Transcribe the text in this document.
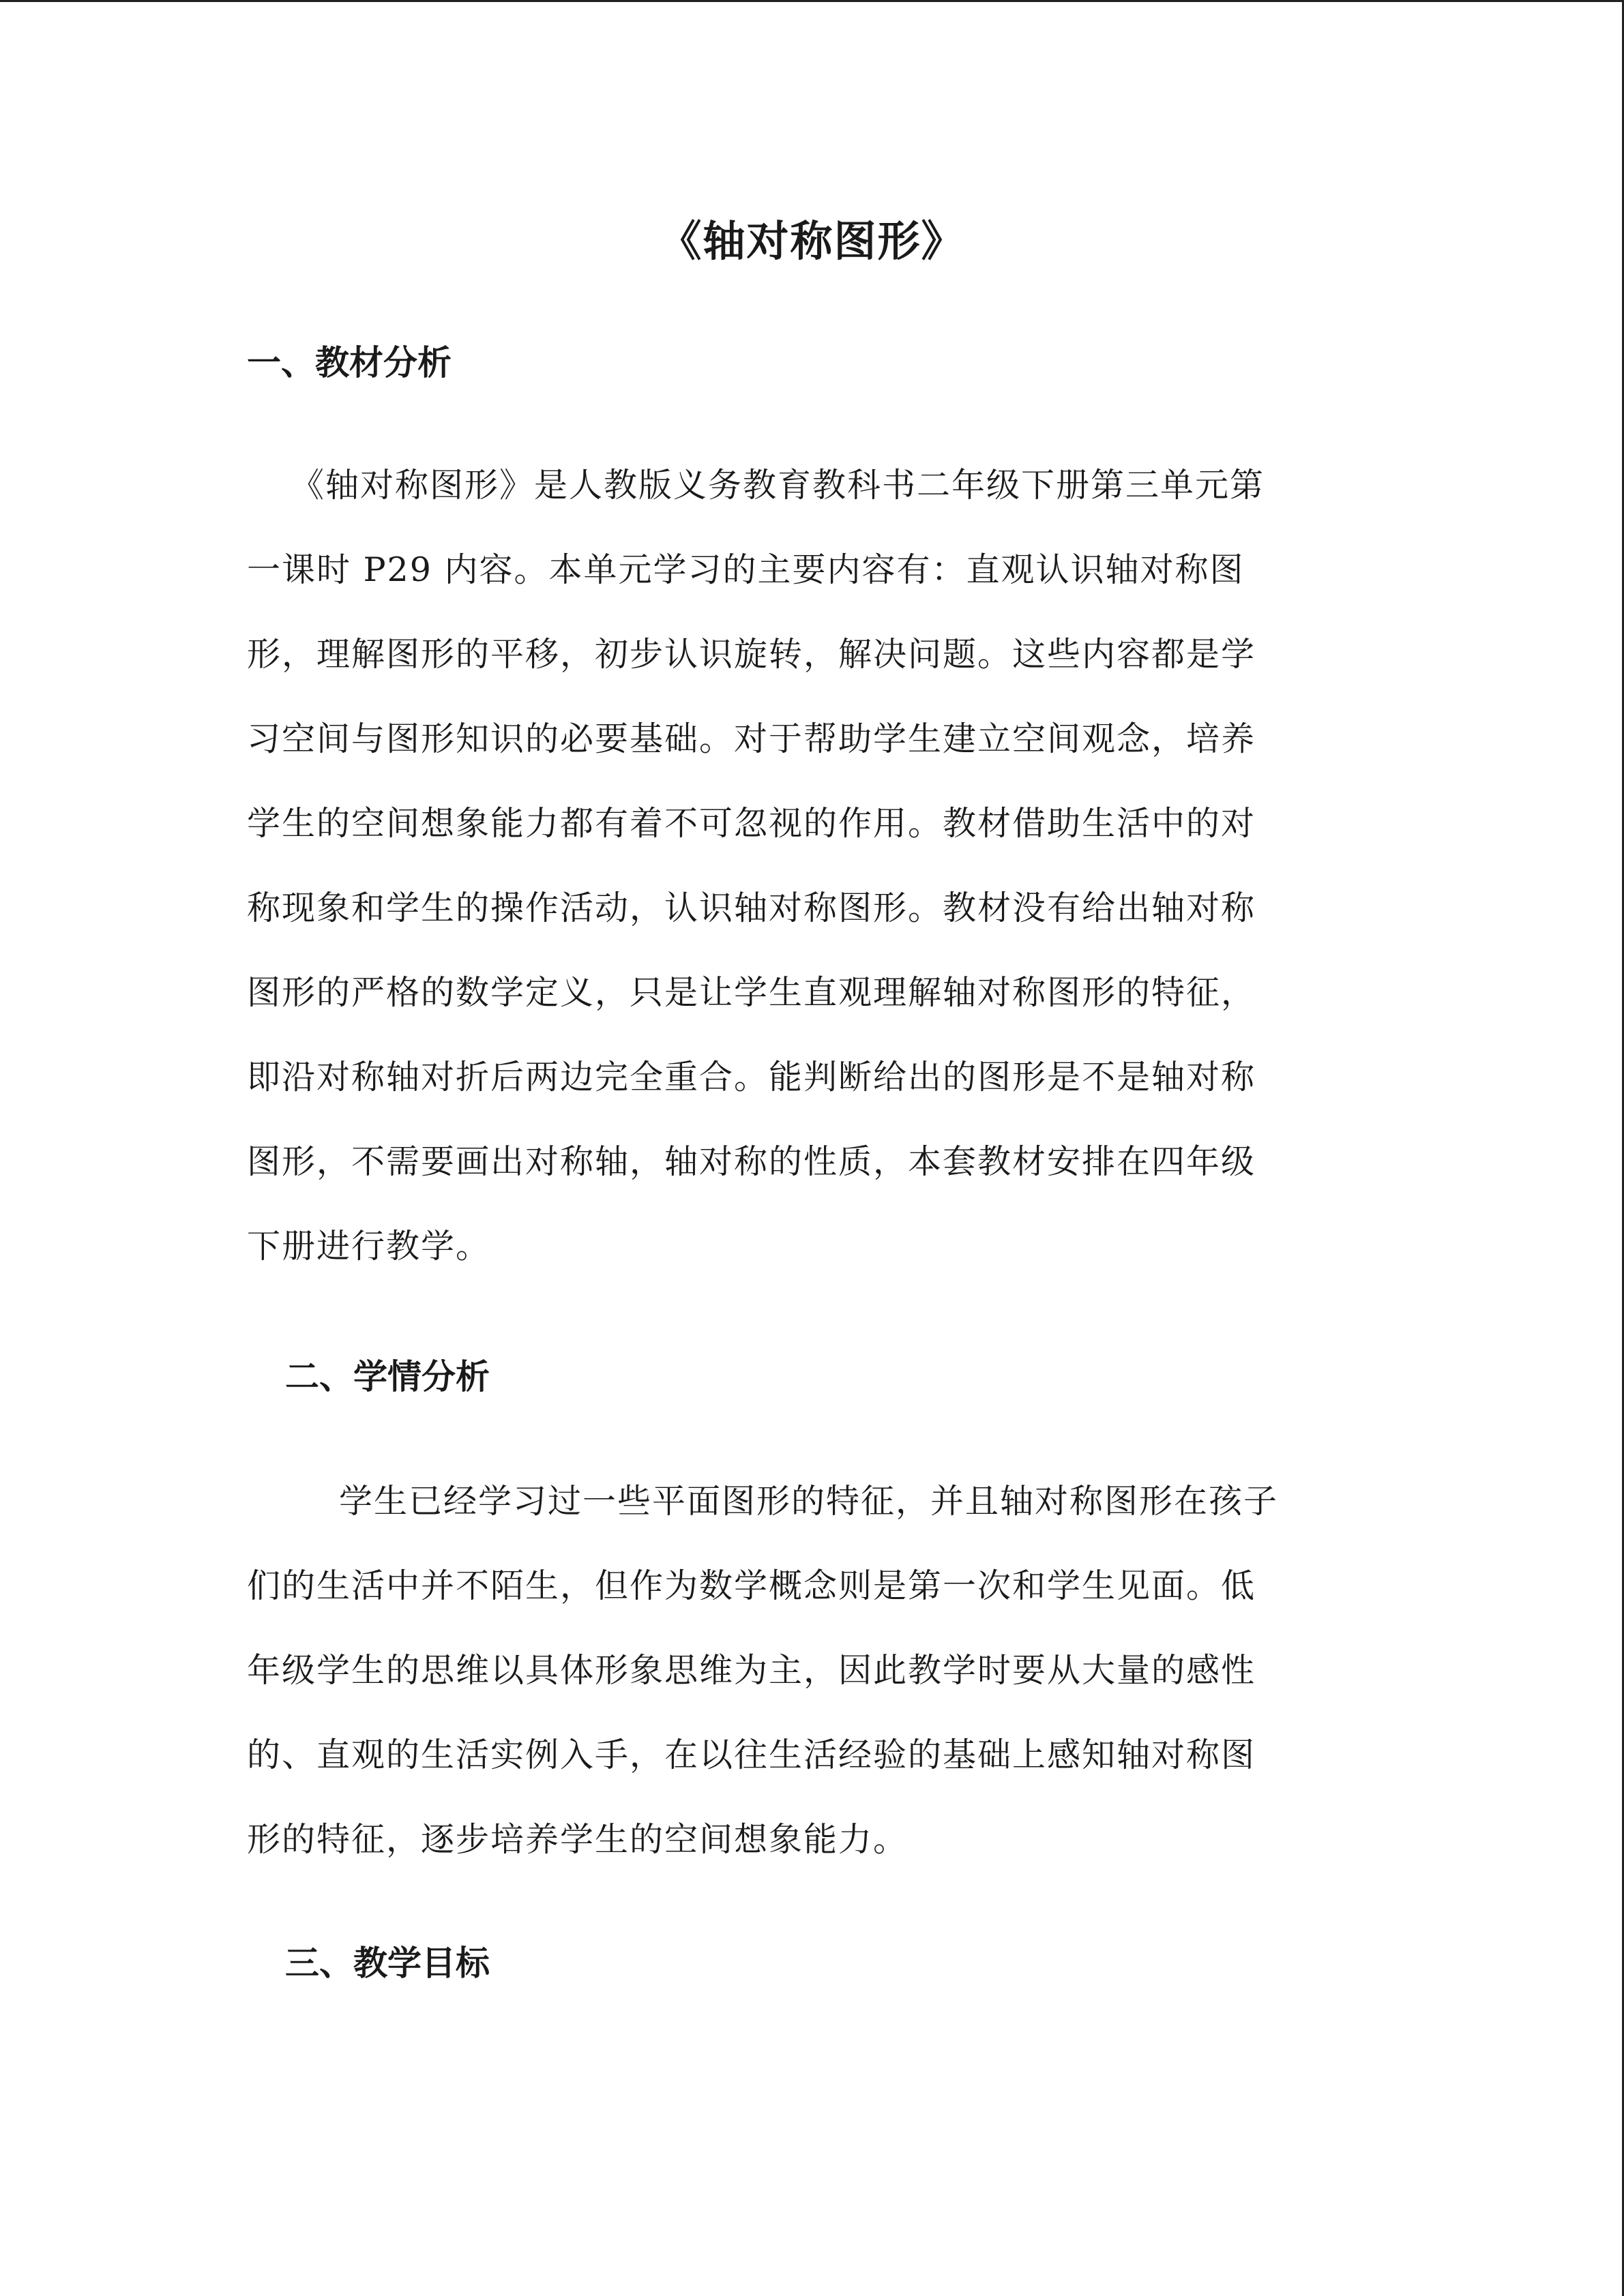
《轴对称图形》
一、教材分析
《轴对称图形》是人教版义务教育教科书二年级下册第三单元第
一课时 P29 内容。本单元学习的主要内容有：直观认识轴对称图
形，理解图形的平移，初步认识旋转，解决问题。这些内容都是学
习空间与图形知识的必要基础。对于帮助学生建立空间观念，培养
学生的空间想象能力都有着不可忽视的作用。教材借助生活中的对
称现象和学生的操作活动，认识轴对称图形。教材没有给出轴对称
图形的严格的数学定义，只是让学生直观理解轴对称图形的特征，
即沿对称轴对折后两边完全重合。能判断给出的图形是不是轴对称
图形，不需要画出对称轴，轴对称的性质，本套教材安排在四年级
下册进行教学。
二、学情分析
学生已经学习过一些平面图形的特征，并且轴对称图形在孩子
们的生活中并不陌生，但作为数学概念则是第一次和学生见面。低
年级学生的思维以具体形象思维为主，因此教学时要从大量的感性
的、直观的生活实例入手，在以往生活经验的基础上感知轴对称图
形的特征，逐步培养学生的空间想象能力。
三、教学目标
